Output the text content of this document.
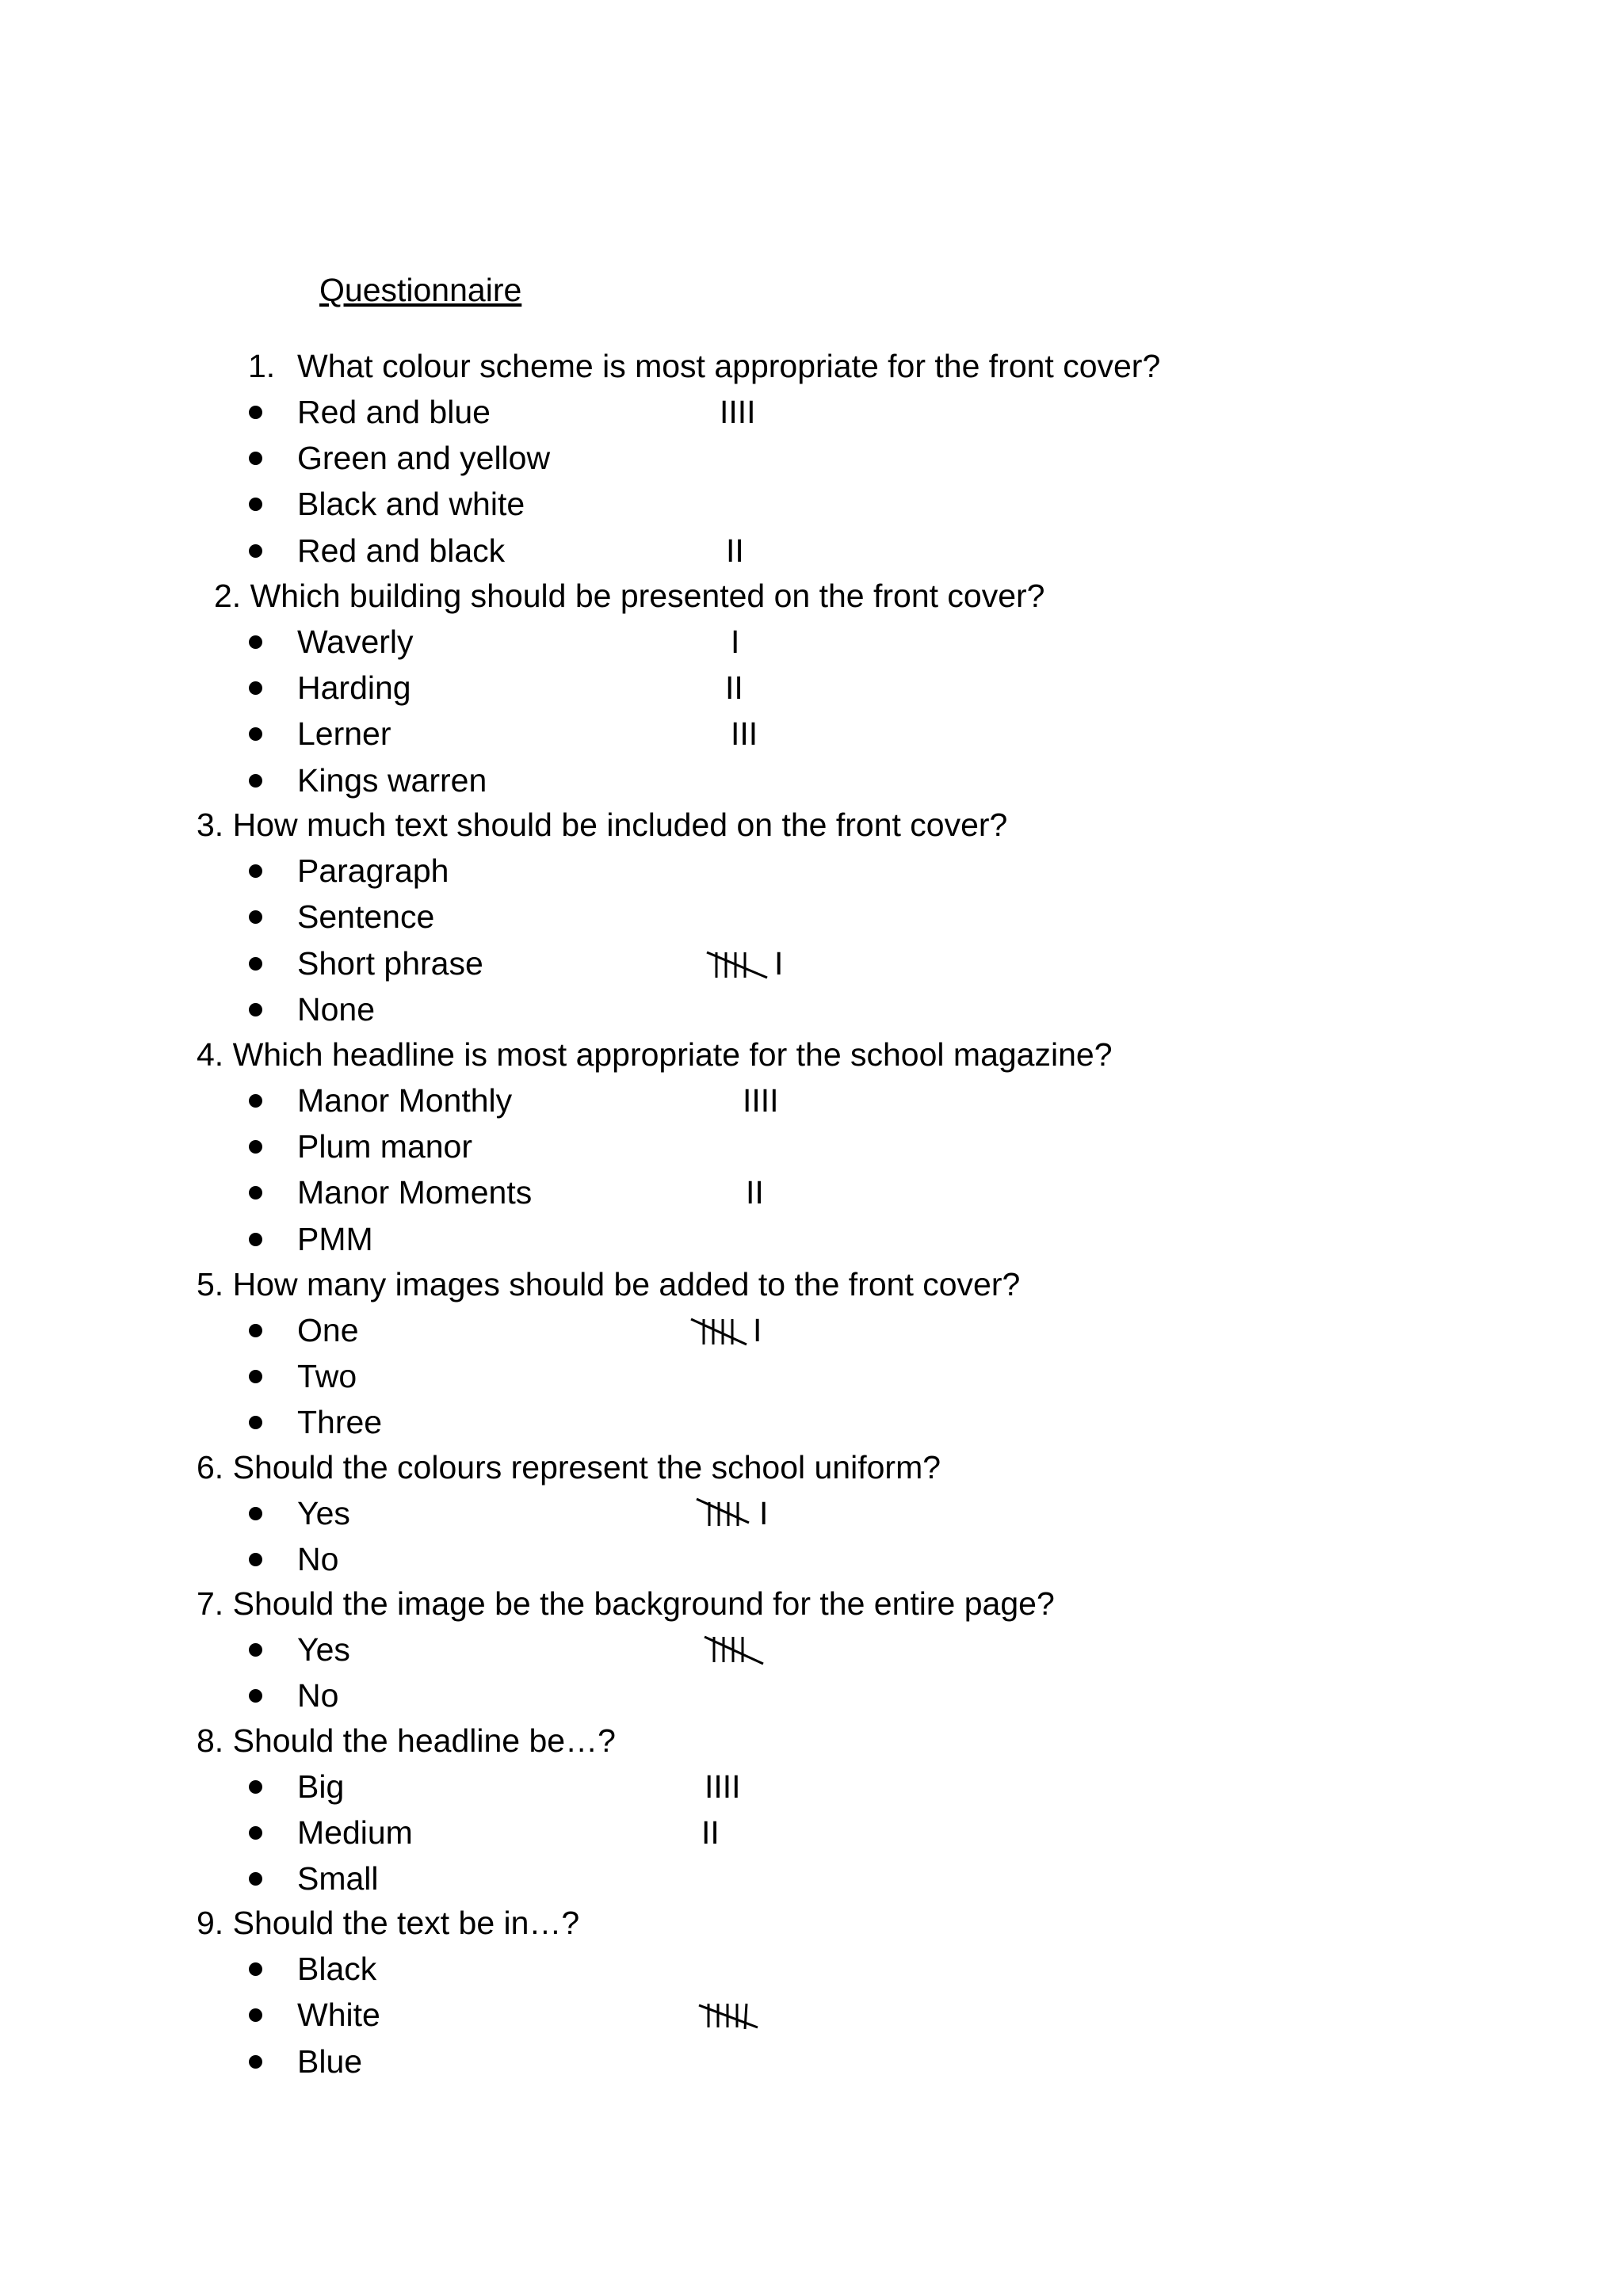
Questionnaire
1. What colour scheme is most appropriate for the front cover?
Red and blue	IIII
Green and yellow
Black and white
Red and black	II
2. Which building should be presented on the front cover?
Waverly	I
Harding	II
Lerner	III
Kings warren
3. How much text should be included on the front cover?
Paragraph
Sentence
Short phrase	I
None
4. Which headline is most appropriate for the school magazine?
Manor Monthly	IIII
Plum manor
Manor Moments	II
PMM
5. How many images should be added to the front cover?
One	I
Two
Three
6. Should the colours represent the school uniform?
Yes	I
No
7. Should the image be the background for the entire page?
Yes
No
8. Should the headline be…?
Big	IIII
Medium	II
Small
9. Should the text be in…?
Black
White
Blue
